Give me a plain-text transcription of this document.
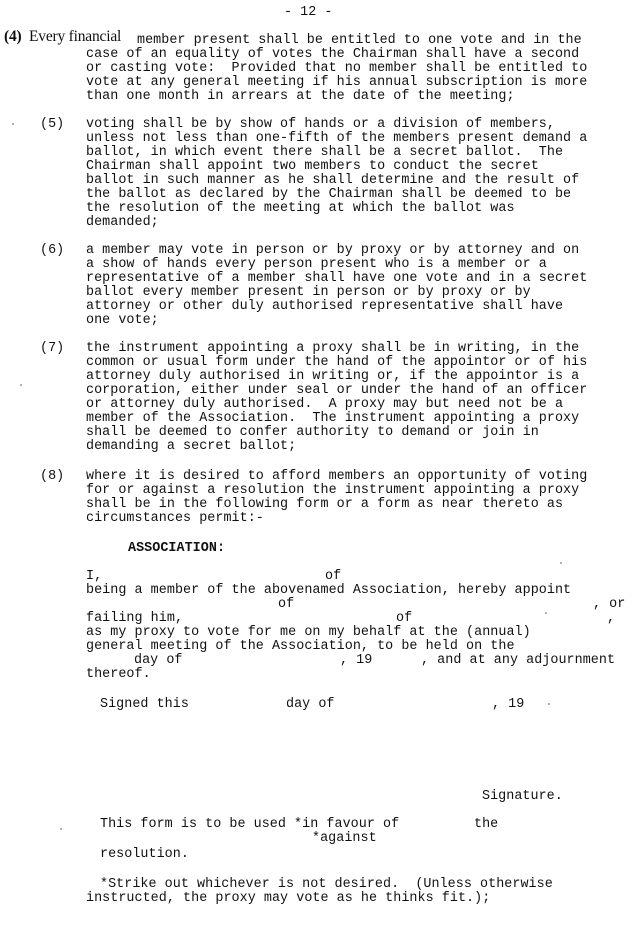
- 12 -
(4) Every financial member present shall be entitled to one vote and in the
case of an equality of votes the Chairman shall have a second
or casting vote:  Provided that no member shall be entitled to
vote at any general meeting if his annual subscription is more
than one month in arrears at the date of the meeting;
(5) voting shall be by show of hands or a division of members,
unless not less than one-fifth of the members present demand a
ballot, in which event there shall be a secret ballot.  The
Chairman shall appoint two members to conduct the secret
ballot in such manner as he shall determine and the result of
the ballot as declared by the Chairman shall be deemed to be
the resolution of the meeting at which the ballot was
demanded;
(6) a member may vote in person or by proxy or by attorney and on
a show of hands every person present who is a member or a
representative of a member shall have one vote and in a secret
ballot every member present in person or by proxy or by
attorney or other duly authorised representative shall have
one vote;
(7) the instrument appointing a proxy shall be in writing, in the
common or usual form under the hand of the appointor or of his
attorney duly authorised in writing or, if the appointor is a
corporation, either under seal or under the hand of an officer
or attorney duly authorised.  A proxy may but need not be a
member of the Association.  The instrument appointing a proxy
shall be deemed to confer authority to demand or join in
demanding a secret ballot;
(8) where it is desired to afford members an opportunity of voting
for or against a resolution the instrument appointing a proxy
shall be in the following form or a form as near thereto as
circumstances permit:-
ASSOCIATION:
I,	of
being a member of the abovenamed Association, hereby appoint
of	, or
failing him,	of	,
as my proxy to vote for me on my behalf at the (annual)
general meeting of the Association, to be held on the
day of	, 19	, and at any adjournment
thereof.
Signed this	day of	, 19
Signature.
This form is to be used *in favour of	the
*against
resolution.
*Strike out whichever is not desired.  (Unless otherwise
instructed, the proxy may vote as he thinks fit.);
